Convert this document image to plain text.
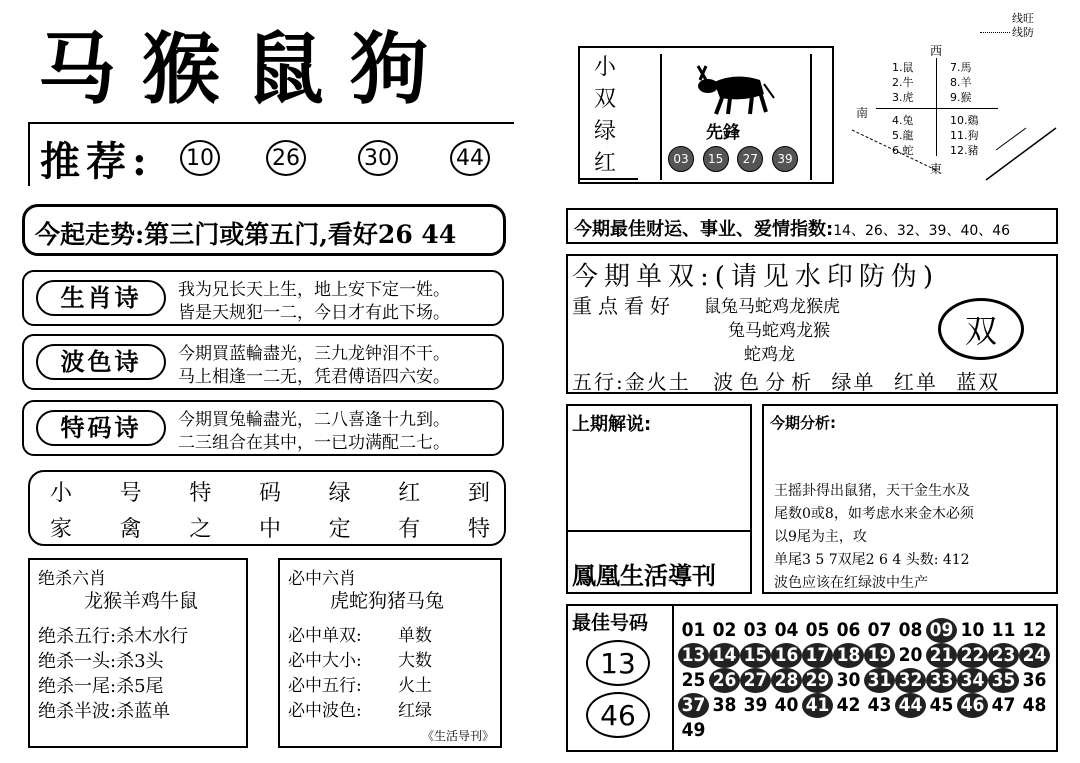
马猴鼠狗
推荐: 10	26	30	44
今起走势:第三门或第五门,看好26 44
生肖诗	我为兄长天上生，地上安下定一姓。
皆是天规犯一二，今日才有此下场。
波色诗	今期買蓝輪盡光，三九龙钟泪不干。
马上相逢一二无，凭君傅语四六安。
特码诗	今期買兔輪盡光，二八喜逢十九到。
二三组合在其中，一已功满配二七。
小 号 特 码 绿 红 到
家 禽 之 中 定 有 特
绝杀六肖
龙猴羊鸡牛鼠
绝杀五行:杀木水行
绝杀一头:杀3头
绝杀一尾:杀5尾
绝杀半波:杀蓝单
必中六肖
虎蛇狗猪马兔
必中单双: 单数
必中大小: 大数
必中五行: 火土
必中波色: 红绿
《生活导刊》
小
双
绿
红
先鋒
03	15	27	39
线旺
线防
西
南
東
1.鼠
2.牛
3.虎
4.兔
5.龍
6.蛇
7.馬
8.羊
9.猴
10.鷄
11.狗
12.豬
今期最佳财运、事业、爱情指数:14、26、32、39、40、46
今期单双:(请见水印防伪)
重点看好 鼠兔马蛇鸡龙猴虎
兔马蛇鸡龙猴
蛇鸡龙
双
五行:金火土 波色分析 绿单 红单 蓝双
上期解说:
鳳凰生活導刊
今期分析:
王摇卦得出鼠猪，天干金生水及
尾数0或8，如考虑水来金木必须
以9尾为主，攻
单尾3 5 7双尾2 6 4 头数: 412
波色应该在红绿波中生产
最佳号码
13
46
01 02 03 04 05 06 07 08 09 10 11 12
13 14 15 16 17 18 19 20 21 22 23 24
25 26 27 28 29 30 31 32 33 34 35 36
37 38 39 40 41 42 43 44 45 46 47 48
49
